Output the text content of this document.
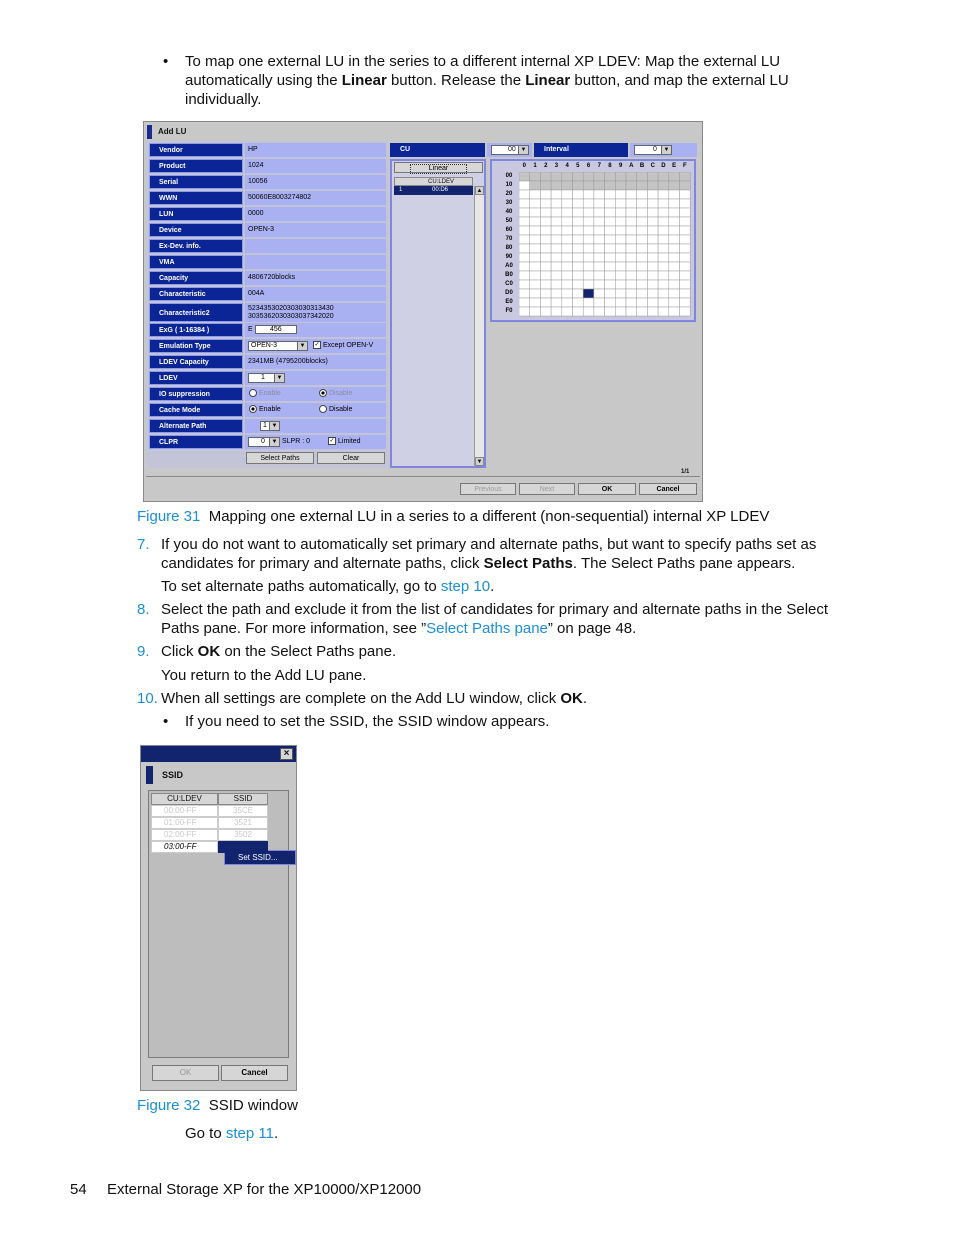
• To map one external LU in the series to a different internal XP LDEV: Map the external LU
automatically using the Linear button. Release the Linear button, and map the external LU
individually.
Add LU
ExG ( 1-16384 )	E	456
Emulation Type	OPEN-3	▼ ✓ Except OPEN-V
LDEV Capacity	2341MB (4795200blocks)
LDEV	1	▼
IO suppression	Enable	Disable
Cache Mode	Enable	Disable
Alternate Path	1 ▼
CLPR	0	▼ SLPR : 0	✓ Limited
Select Paths	Clear
CU
Linear
CU:LDEV
1	00:D6	▲
▼
00 ▼	Interval	0	▼
1/1
Previous	Next	OK	Cancel
Vendor	HP
Product	1024
Serial	10056
WWN	50060E8003274802
LUN	0000
Device	OPEN-3
Ex-Dev. info.
VMA
Capacity	4806720blocks
Characteristic	004A
Characteristic2
5234353020303030313430
3035362030303037342020
0	1	2	3	4	5	6	7	8	9	A	B	C	D	E	F
00
10
20
30
40
50
60
70
80
90
A0
B0
C0
D0
E0
F0
Figure 31 Mapping one external LU in a series to a different (non-sequential) internal XP LDEV
7. If you do not want to automatically set primary and alternate paths, but want to specify paths set as
candidates for primary and alternate paths, click Select Paths. The Select Paths pane appears.
To set alternate paths automatically, go to step 10.
8. Select the path and exclude it from the list of candidates for primary and alternate paths in the Select
Paths pane. For more information, see ”Select Paths pane” on page 48.
9. Click OK on the Select Paths pane.
You return to the Add LU pane.
10. When all settings are complete on the Add LU window, click OK.
• If you need to set the SSID, the SSID window appears.
×
SSID
CU:LDEV	SSID
Set SSID...
OK	Cancel
00:00-FF	35CE
01:00-FF	3521
02:00-FF	3502
03:00-FF
Figure 32 SSID window
Go to step 11.
54 External Storage XP for the XP10000/XP12000
